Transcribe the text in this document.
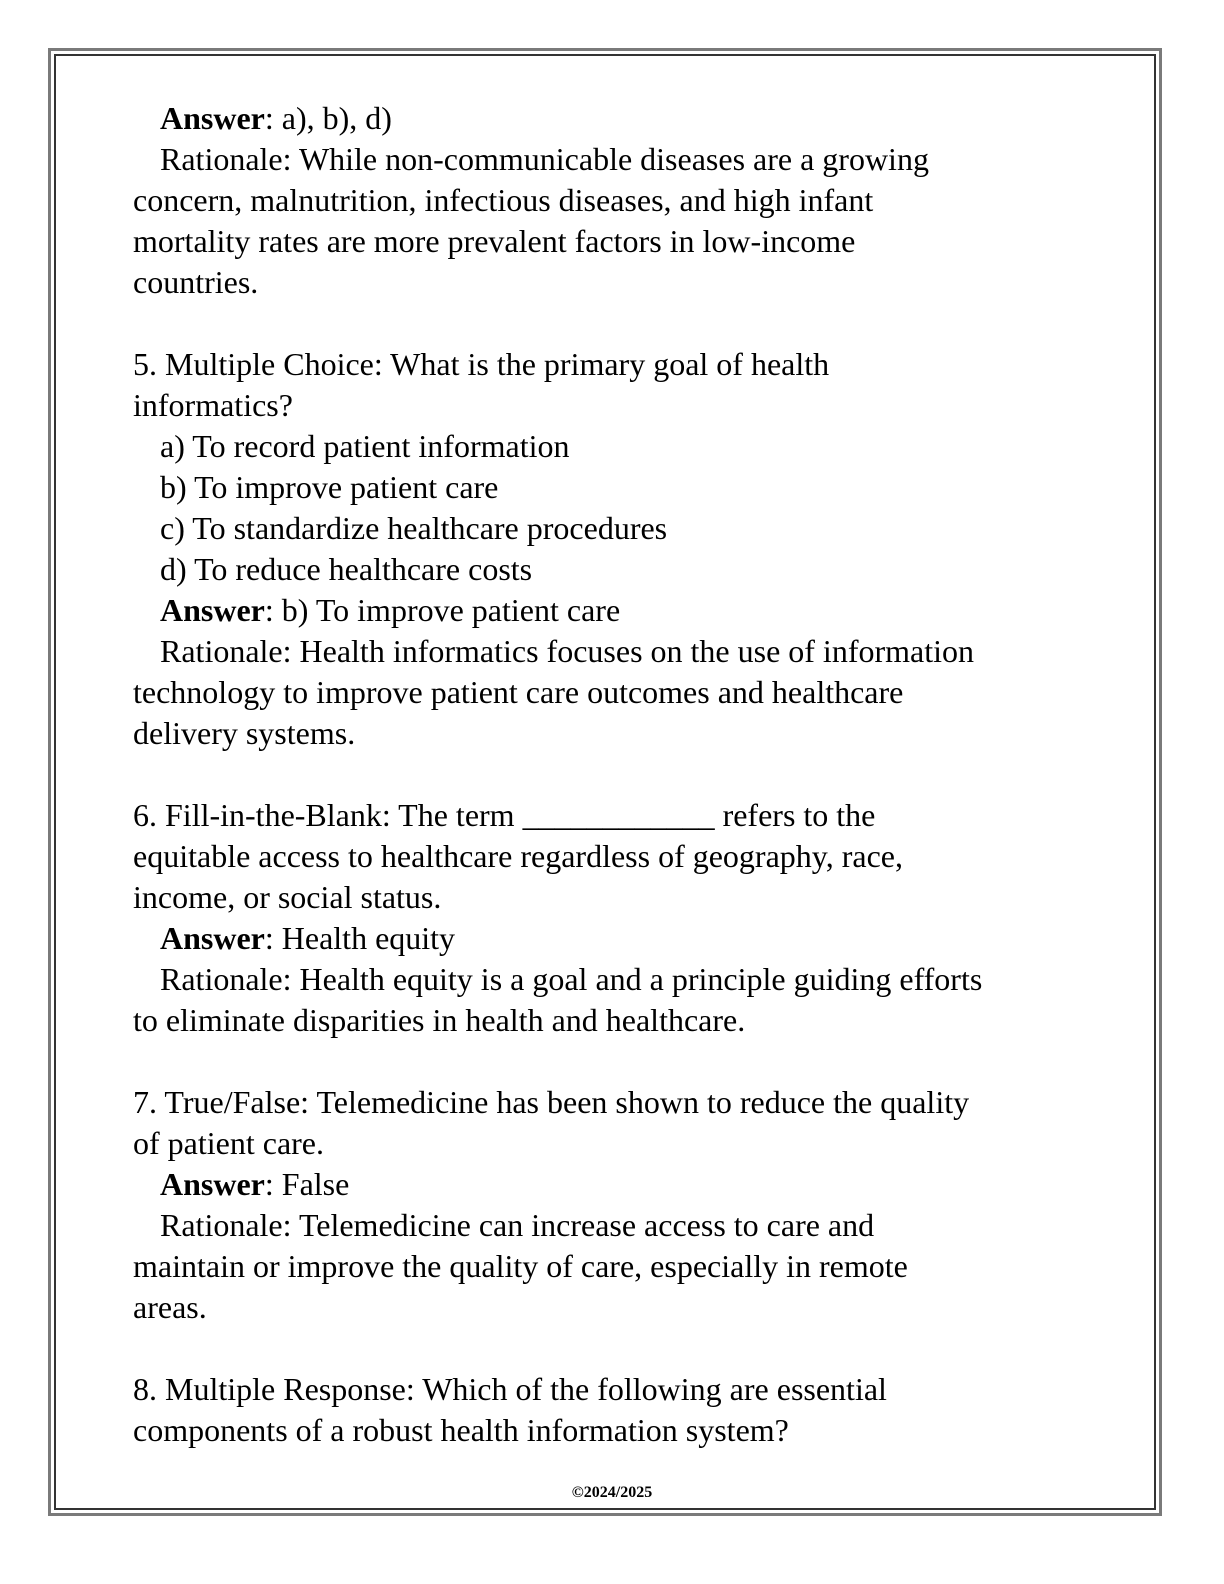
Answer: a), b), d)
Rationale: While non-communicable diseases are a growing
concern, malnutrition, infectious diseases, and high infant
mortality rates are more prevalent factors in low-income
countries.
5. Multiple Choice: What is the primary goal of health
informatics?
a) To record patient information
b) To improve patient care
c) To standardize healthcare procedures
d) To reduce healthcare costs
Answer: b) To improve patient care
Rationale: Health informatics focuses on the use of information
technology to improve patient care outcomes and healthcare
delivery systems.
6. Fill-in-the-Blank: The term ____________ refers to the
equitable access to healthcare regardless of geography, race,
income, or social status.
Answer: Health equity
Rationale: Health equity is a goal and a principle guiding efforts
to eliminate disparities in health and healthcare.
7. True/False: Telemedicine has been shown to reduce the quality
of patient care.
Answer: False
Rationale: Telemedicine can increase access to care and
maintain or improve the quality of care, especially in remote
areas.
8. Multiple Response: Which of the following are essential
components of a robust health information system?
©2024/2025
